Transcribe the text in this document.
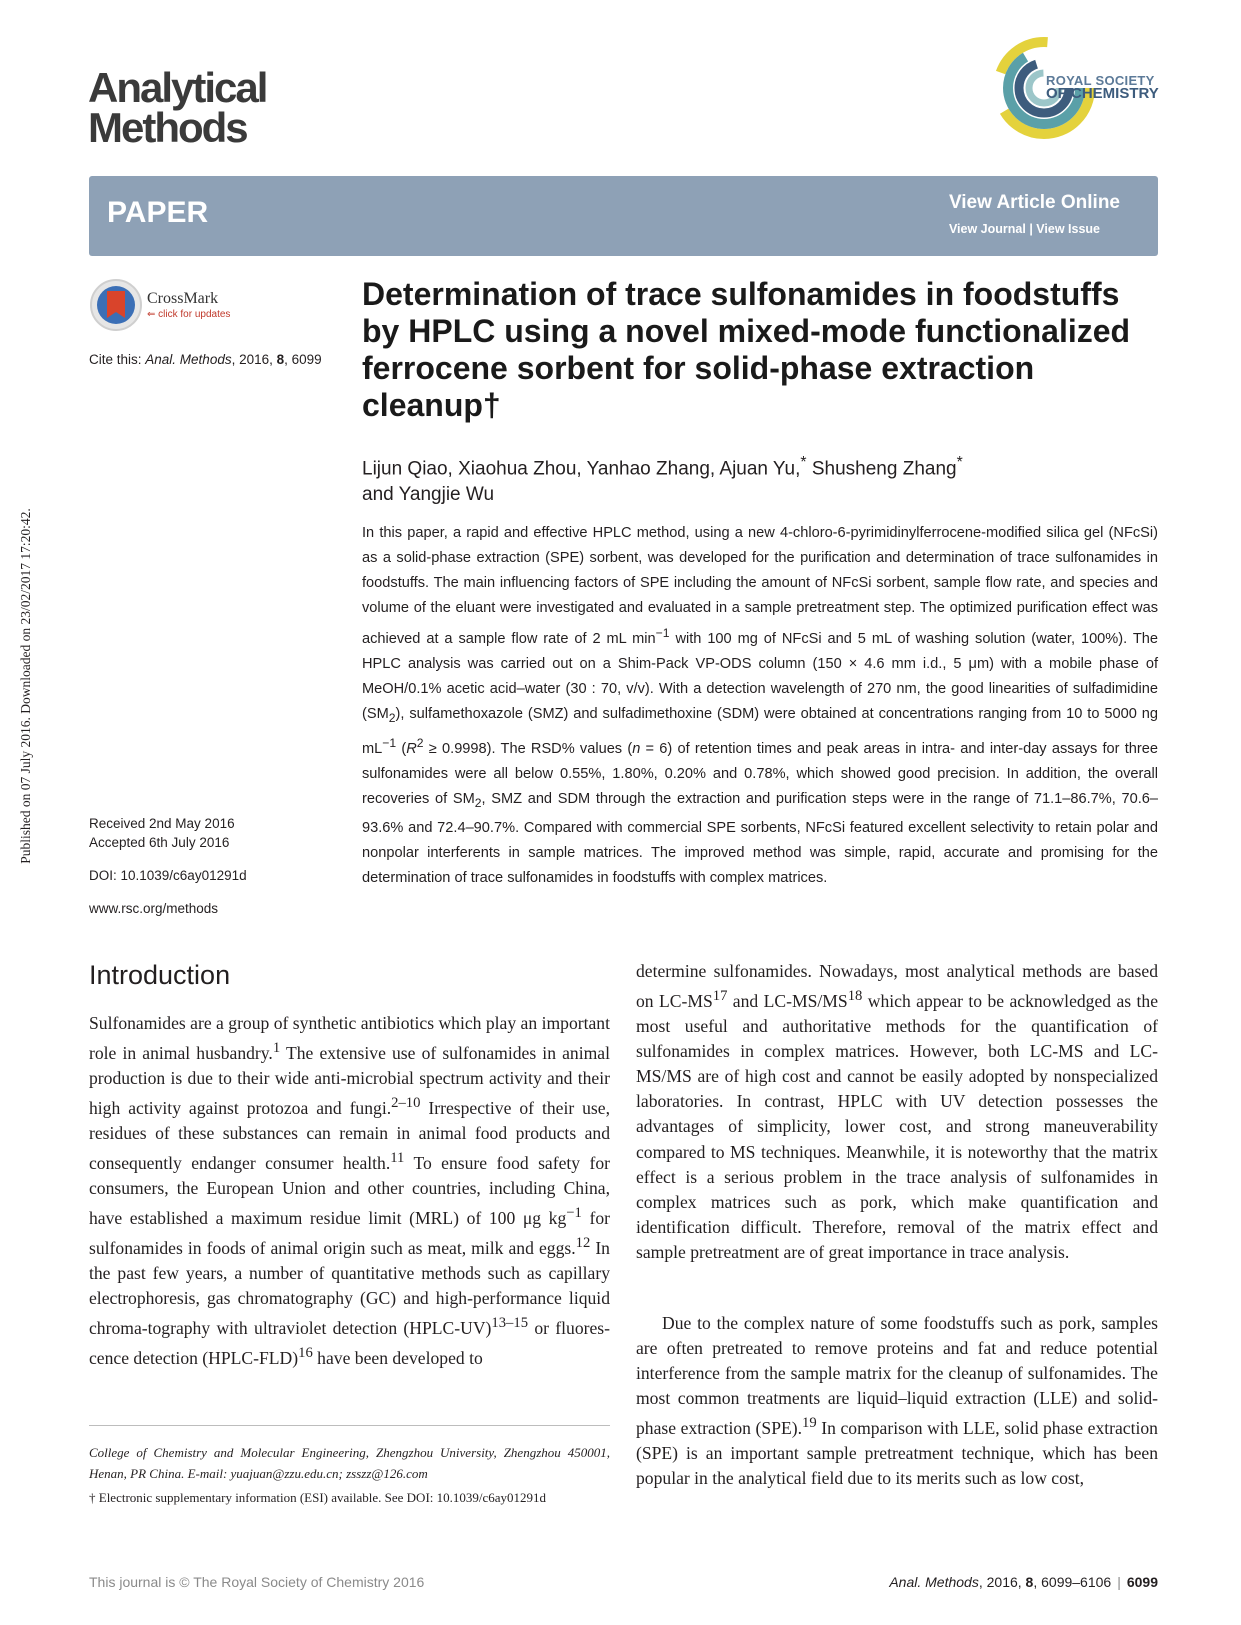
Analytical
Methods
ROYAL SOCIETY
OF CHEMISTRY
PAPER	View Article Online
View Journal | View Issue
CrossMark
⇐ click for updates
Cite this: Anal. Methods, 2016, 8, 6099
Determination of trace sulfonamides in foodstuffs by HPLC using a novel mixed-mode functionalized ferrocene sorbent for solid-phase extraction cleanup†
Lijun Qiao, Xiaohua Zhou, Yanhao Zhang, Ajuan Yu,* Shusheng Zhang*
and Yangjie Wu

In this paper, a rapid and effective HPLC method, using a new 4-chloro-6-pyrimidinylferrocene-modified silica gel (NFcSi) as a solid-phase extraction (SPE) sorbent, was developed for the purification and determination of trace sulfonamides in foodstuffs. The main influencing factors of SPE including the amount of NFcSi sorbent, sample flow rate, and species and volume of the eluant were investigated and evaluated in a sample pretreatment step. The optimized purification effect was achieved at a sample flow rate of 2 mL $\min^{-1}$ with 100 mg of NFcSi and 5 mL of washing solution (water, 100%). The HPLC analysis was carried out on a Shim-Pack VP-ODS column (150 × 4.6 mm i.d., 5 μm) with a mobile phase of MeOH/0.1% acetic acid–water (30 : 70, v/v). With a detection wavelength of 270 nm, the good linearities of sulfadimidine $(SM_2)$, sulfamethoxazole (SMZ) and sulfadimethoxine (SDM) were obtained at concentrations ranging from 10 to 5000 ng $mL^{-1}$ $(R^2 \ge 0.9998)$. The RSD% values (n = 6) of retention times and peak areas in intra- and inter-day assays for three sulfonamides were all below 0.55%, 1.80%, 0.20% and 0.78%, which showed good precision. In addition, the overall recoveries of $SM_2$, SMZ and SDM through the extraction and purification steps were in the range of 71.1–86.7%, 70.6–93.6% and 72.4–90.7%. Compared with commercial SPE sorbents, NFcSi featured excellent selectivity to retain polar and nonpolar interferents in sample matrices. The improved method was simple, rapid, accurate and promising for the determination of trace sulfonamides in foodstuffs with complex matrices.

Received 2nd May 2016
Accepted 6th July 2016
DOI: 10.1039/c6ay01291d
www.rsc.org/methods
Published on 07 July 2016. Downloaded on 23/02/2017 17:20:42.
Introduction

Sulfonamides are a group of synthetic antibiotics which play an important role in animal husbandry.$^1$ The extensive use of sulfonamides in animal production is due to their wide anti-microbial spectrum activity and their high activity against protozoa and fungi.$^{2-10}$ Irrespective of their use, residues of these substances can remain in animal food products and consequently endanger consumer health.$^{11}$ To ensure food safety for consumers, the European Union and other countries, including China, have established a maximum residue limit (MRL) of 100 μg $kg^{-1}$ for sulfonamides in foods of animal origin such as meat, milk and eggs.$^{12}$ In the past few years, a number of quantitative methods such as capillary electrophoresis, gas chromatography (GC) and high-performance liquid chroma-tography with ultraviolet detection (HPLC-UV)$^{13-15}$ or fluores-cence detection (HPLC-FLD)$^{16}$ have been developed to

determine sulfonamides. Nowadays, most analytical methods are based on LC-MS$^{17}$ and LC-MS/MS$^{18}$ which appear to be acknowledged as the most useful and authoritative methods for the quantification of sulfonamides in complex matrices. However, both LC-MS and LC-MS/MS are of high cost and cannot be easily adopted by nonspecialized laboratories. In contrast, HPLC with UV detection possesses the advantages of simplicity, lower cost, and strong maneuverability compared to MS techniques. Meanwhile, it is noteworthy that the matrix effect is a serious problem in the trace analysis of sulfonamides in complex matrices such as pork, which make quantification and identification difficult. Therefore, removal of the matrix effect and sample pretreatment are of great importance in trace analysis.

Due to the complex nature of some foodstuffs such as pork, samples are often pretreated to remove proteins and fat and reduce potential interference from the sample matrix for the cleanup of sulfonamides. The most common treatments are liquid–liquid extraction (LLE) and solid-phase extraction (SPE).$^{19}$ In comparison with LLE, solid phase extraction (SPE) is an important sample pretreatment technique, which has been popular in the analytical field due to its merits such as low cost,

College of Chemistry and Molecular Engineering, Zhengzhou University, Zhengzhou 450001, Henan, PR China. E-mail: yuajuan@zzu.edu.cn; zsszz@126.com

† Electronic supplementary information (ESI) available. See DOI: 10.1039/c6ay01291d

This journal is © The Royal Society of Chemistry 2016	Anal. Methods, 2016, 8, 6099–6106 | 6099
